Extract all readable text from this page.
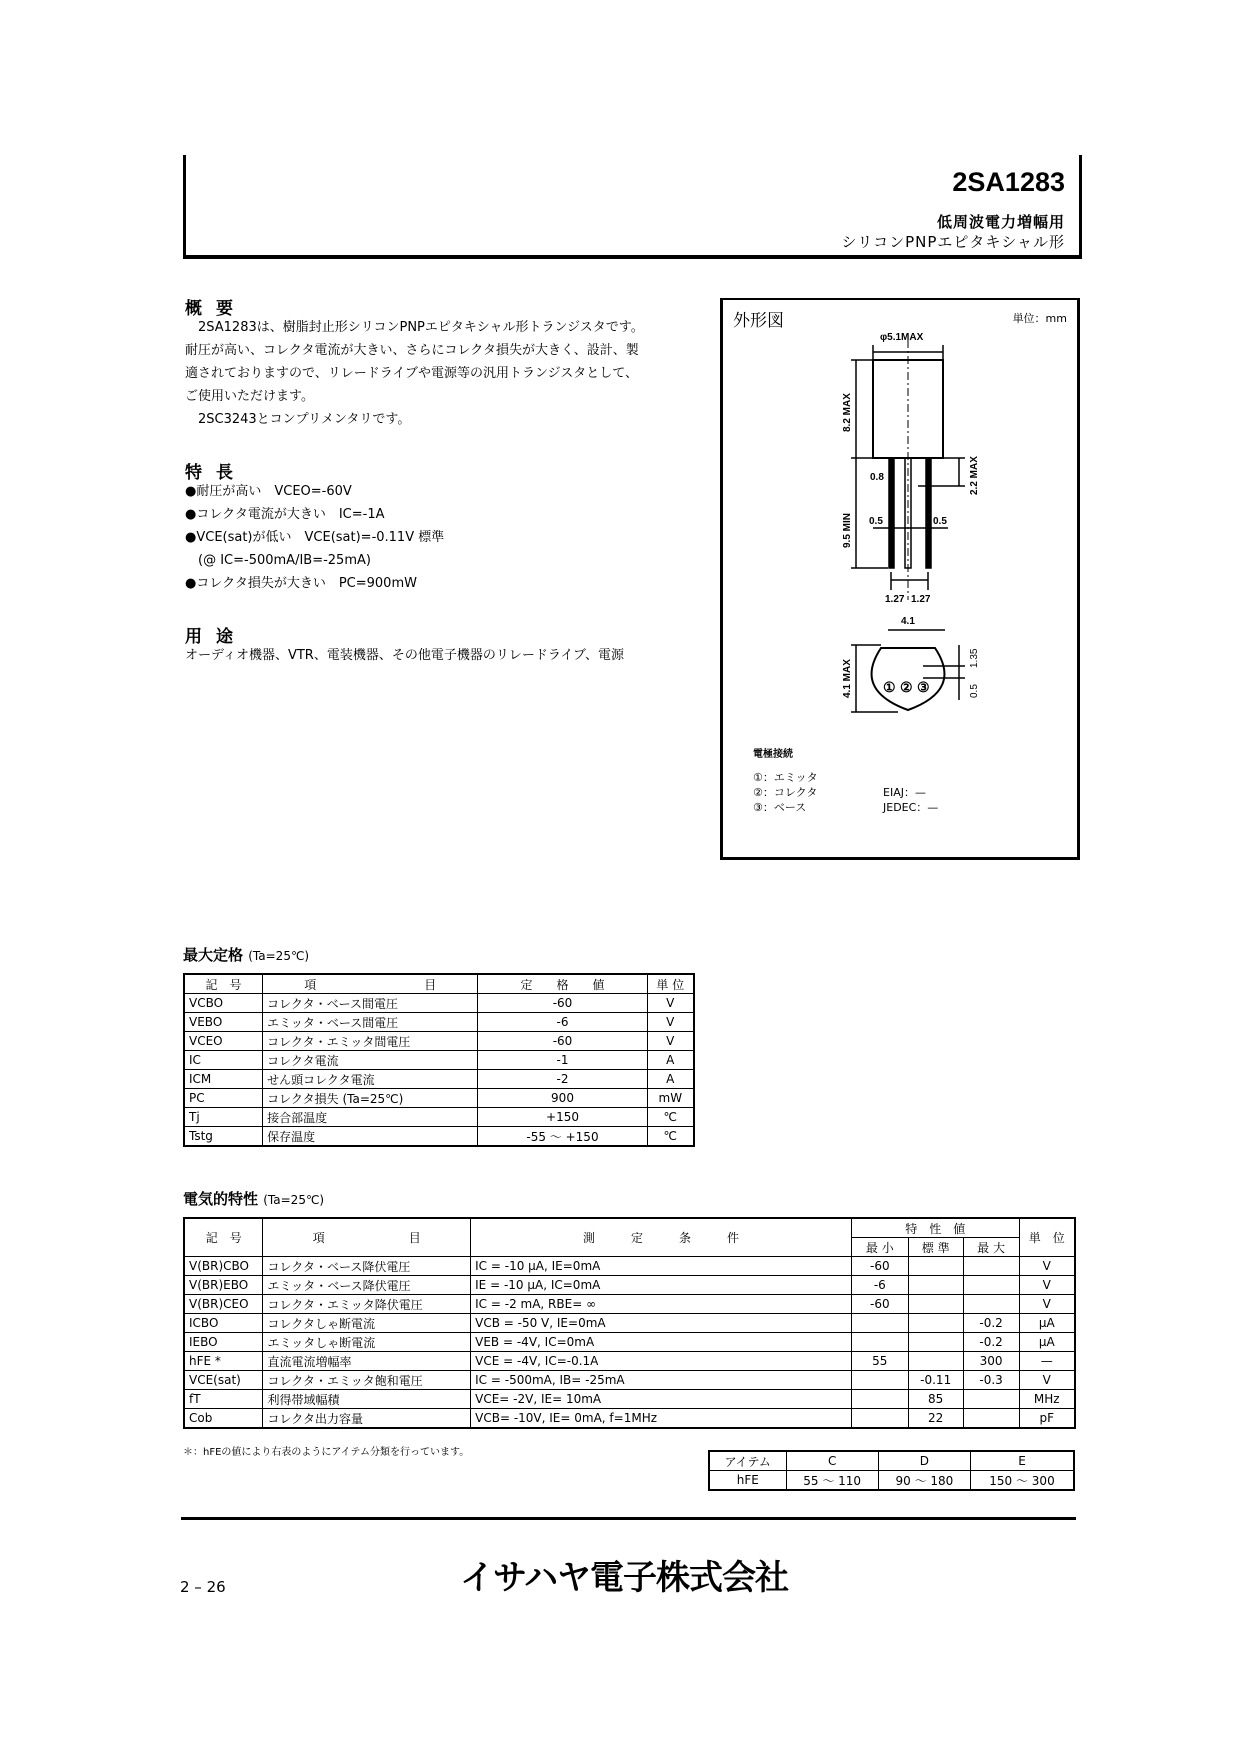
2SA1283
低周波電力増幅用
シリコンPNPエピタキシャル形
概要
　2SA1283は、樹脂封止形シリコンPNPエピタキシャル形トランジスタです。
耐圧が高い、コレクタ電流が大きい、さらにコレクタ損失が大きく、設計、製
適されておりますので、リレードライブや電源等の汎用トランジスタとして、
ご使用いただけます。
　2SC3243とコンプリメンタリです。
特長
●耐圧が高い　VCEO=-60V
●コレクタ電流が大きい　IC=-1A
●VCE(sat)が低い　VCE(sat)=-0.11V 標準
　(@ IC=-500mA/IB=-25mA)
●コレクタ損失が大きい　PC=900mW
用途
オーディオ機器、VTR、電装機器、その他電子機器のリレードライブ、電源
外形図	単位：mm
φ5.1MAX
8.2 MAX
9.5 MIN
2.2 MAX
0.8
0.5	0.5
1.27 1.27
4.1
4.1 MAX
1.35
0.5
① ② ③
電極接続
①：エミッタ
②：コレクタ
③：ベース
EIAJ：—
JEDEC：—
最大定格 (Ta=25℃)
記　号	項　　　　　　　　　目	定　　格　　値	単 位
VCBO	コレクタ・ベース間電圧	-60	V
VEBO	エミッタ・ベース間電圧	-6	V
VCEO	コレクタ・エミッタ間電圧	-60	V
IC	コレクタ電流	-1	A
ICM	せん頭コレクタ電流	-2	A
PC	コレクタ損失 (Ta=25℃)	900	mW
Tj	接合部温度	+150	℃
Tstg	保存温度	-55 ～ +150	℃
電気的特性 (Ta=25℃)
記　号	項　　　　　　　目	測　　　定　　　条　　　件	特　性　値			単　位
			最 小	標 準	最 大	
V(BR)CBO	コレクタ・ベース降伏電圧	IC = -10 μA, IE=0mA	-60			V
V(BR)EBO	エミッタ・ベース降伏電圧	IE = -10 μA, IC=0mA	-6			V
V(BR)CEO	コレクタ・エミッタ降伏電圧	IC = -2 mA, RBE= ∞	-60			V
ICBO	コレクタしゃ断電流	VCB = -50 V, IE=0mA			-0.2	μA
IEBO	エミッタしゃ断電流	VEB = -4V, IC=0mA			-0.2	μA
hFE *	直流電流増幅率	VCE = -4V, IC=-0.1A	55		300	—
VCE(sat)	コレクタ・エミッタ飽和電圧	IC = -500mA, IB= -25mA		-0.11	-0.3	V
fT	利得帯域幅積	VCE= -2V, IE= 10mA		85		MHz
Cob	コレクタ出力容量	VCB= -10V, IE= 0mA, f=1MHz		22		pF
＊：hFEの値により右表のようにアイテム分類を行っています。
アイテム	C	D	E
hFE	55 ～ 110	90 ～ 180	150 ～ 300
2 – 26	イサハヤ電子株式会社
